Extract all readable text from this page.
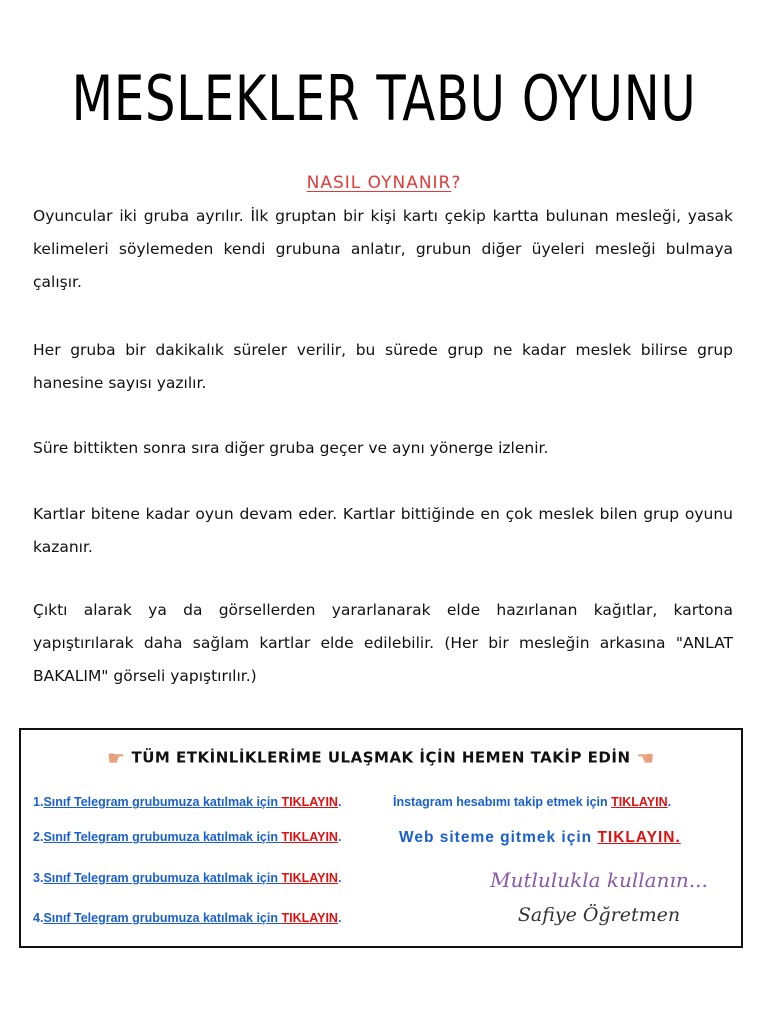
MESLEKLER TABU OYUNU
NASIL OYNANIR?
Oyuncular iki gruba ayrılır. İlk gruptan bir kişi kartı çekip kartta bulunan mesleği, yasak kelimeleri söylemeden kendi grubuna anlatır, grubun diğer üyeleri mesleği bulmaya çalışır.
Her gruba bir dakikalık süreler verilir, bu sürede grup ne kadar meslek bilirse grup hanesine sayısı yazılır.
Süre bittikten sonra sıra diğer gruba geçer ve aynı yönerge izlenir.
Kartlar bitene kadar oyun devam eder. Kartlar bittiğinde en çok meslek bilen grup oyunu kazanır.
Çıktı alarak ya da görsellerden yararlanarak elde hazırlanan kağıtlar, kartona yapıştırılarak daha sağlam kartlar elde edilebilir. (Her bir mesleğin arkasına "ANLAT BAKALIM" görseli yapıştırılır.)
☛ TÜM ETKİNLİKLERİME ULAŞMAK İÇİN HEMEN TAKİP EDİN ☚
1.Sınıf Telegram grubumuza katılmak için TIKLAYIN.
2.Sınıf Telegram grubumuza katılmak için TIKLAYIN.
3.Sınıf Telegram grubumuza katılmak için TIKLAYIN.
4.Sınıf Telegram grubumuza katılmak için TIKLAYIN.
İnstagram hesabımı takip etmek için TIKLAYIN.
Web siteme gitmek için TIKLAYIN.
Mutlulukla kullanın...
Safiye Öğretmen
